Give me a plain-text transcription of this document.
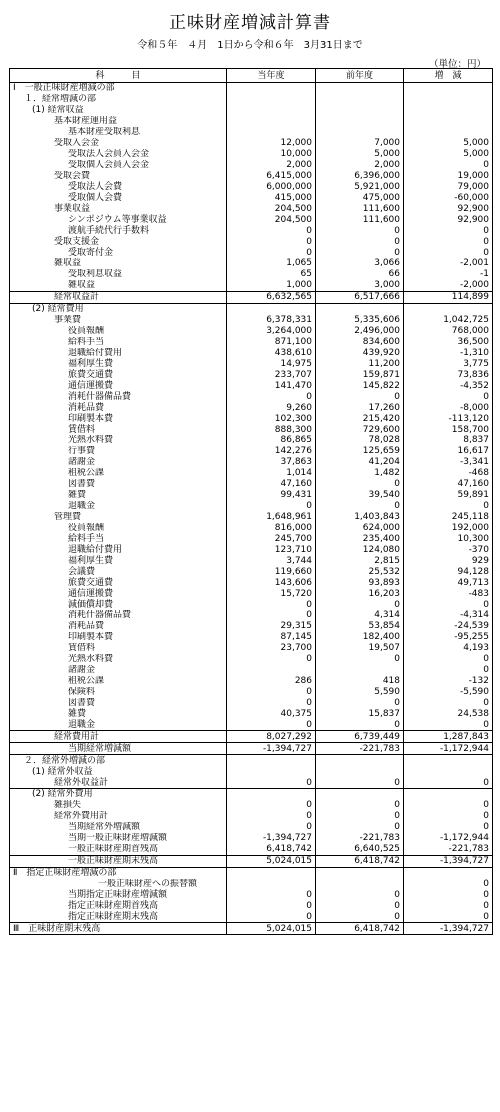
正味財産増減計算書
令和５年　４月　1日から令和６年　3月31日まで
（単位：円）
科　　　目	当年度	前年度	増　減
Ⅰ　一般正味財産増減の部			
１．経常増減の部			
(1) 経常収益			
基本財産運用益			
基本財産受取利息			
受取入会金	12,000	7,000	5,000
受取法人会員入会金	10,000	5,000	5,000
受取個人会員入会金	2,000	2,000	0
受取会費	6,415,000	6,396,000	19,000
受取法人会費	6,000,000	5,921,000	79,000
受取個人会費	415,000	475,000	-60,000
事業収益	204,500	111,600	92,900
シンポジウム等事業収益	204,500	111,600	92,900
渡航手続代行手数料	0	0	0
受取支援金	0	0	0
受取寄付金	0	0	0
雑収益	1,065	3,066	-2,001
受取利息収益	65	66	-1
雑収益	1,000	3,000	-2,000
経常収益計	6,632,565	6,517,666	114,899
(2) 経常費用			
事業費	6,378,331	5,335,606	1,042,725
役員報酬	3,264,000	2,496,000	768,000
給料手当	871,100	834,600	36,500
退職給付費用	438,610	439,920	-1,310
福利厚生費	14,975	11,200	3,775
旅費交通費	233,707	159,871	73,836
通信運搬費	141,470	145,822	-4,352
消耗什器備品費	0	0	0
消耗品費	9,260	17,260	-8,000
印刷製本費	102,300	215,420	-113,120
賃借料	888,300	729,600	158,700
光熱水料費	86,865	78,028	8,837
行事費	142,276	125,659	16,617
諸謝金	37,863	41,204	-3,341
租税公課	1,014	1,482	-468
図書費	47,160	0	47,160
雑費	99,431	39,540	59,891
退職金	0	0	0
管理費	1,648,961	1,403,843	245,118
役員報酬	816,000	624,000	192,000
給料手当	245,700	235,400	10,300
退職給付費用	123,710	124,080	-370
福利厚生費	3,744	2,815	929
会議費	119,660	25,532	94,128
旅費交通費	143,606	93,893	49,713
通信運搬費	15,720	16,203	-483
減価償却費	0	0	0
消耗什器備品費	0	4,314	-4,314
消耗品費	29,315	53,854	-24,539
印刷製本費	87,145	182,400	-95,255
賃借料	23,700	19,507	4,193
光熱水料費	0	0	0
諸謝金			0
租税公課	286	418	-132
保険料	0	5,590	-5,590
図書費	0	0	0
雑費	40,375	15,837	24,538
退職金	0	0	0
経常費用計	8,027,292	6,739,449	1,287,843
当期経常増減額	-1,394,727	-221,783	-1,172,944
２．経常外増減の部			
(1) 経常外収益			
経常外収益計	0	0	0
(2) 経常外費用			
雑損失	0	0	0
経常外費用計	0	0	0
当期経常外増減額	0	0	0
当期一般正味財産増減額	-1,394,727	-221,783	-1,172,944
一般正味財産期首残高	6,418,742	6,640,525	-221,783
一般正味財産期末残高	5,024,015	6,418,742	-1,394,727
Ⅱ　指定正味財産増減の部			
一般正味財産への振替額			0
当期指定正味財産増減額	0	0	0
指定正味財産期首残高	0	0	0
指定正味財産期末残高	0	0	0
Ⅲ　正味財産期末残高	5,024,015	6,418,742	-1,394,727
